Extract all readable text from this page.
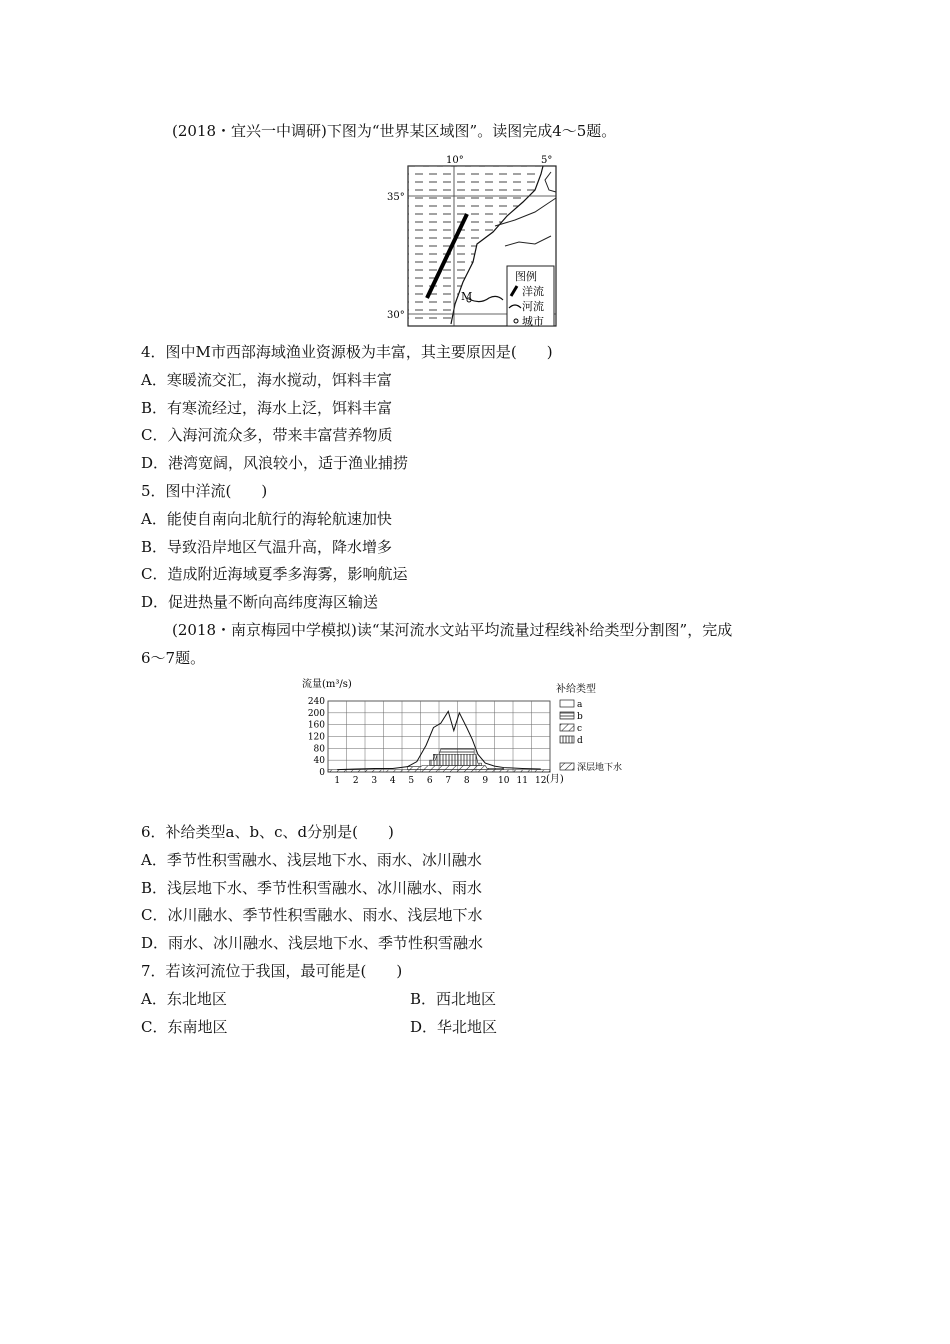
(2018・宜兴一中调研)下图为“世界某区域图”。读图完成4～5题。
M
10°	5°
35°
30°
图例
洋流
河流
城市
4．图中M市西部海域渔业资源极为丰富，其主要原因是(　　)
A．寒暖流交汇，海水搅动，饵料丰富
B．有寒流经过，海水上泛，饵料丰富
C．入海河流众多，带来丰富营养物质
D．港湾宽阔，风浪较小，适于渔业捕捞
5．图中洋流(　　)
A．能使自南向北航行的海轮航速加快
B．导致沿岸地区气温升高，降水增多
C．造成附近海域夏季多海雾，影响航运
D．促进热量不断向高纬度海区输送
(2018・南京梅园中学模拟)读“某河流水文站平均流量过程线补给类型分割图”，完成
6～7题。
流量(m³/s)
240
200
160
120
80
40
0
1 2 3 4 5 6 7 8 9 10 11 12 (月)
补给类型
a
b
c
d
深层地下水
6．补给类型a、b、c、d分别是(　　)
A．季节性积雪融水、浅层地下水、雨水、冰川融水
B．浅层地下水、季节性积雪融水、冰川融水、雨水
C．冰川融水、季节性积雪融水、雨水、浅层地下水
D．雨水、冰川融水、浅层地下水、季节性积雪融水
7．若该河流位于我国，最可能是(　　)
A．东北地区	B．西北地区
C．东南地区	D．华北地区
